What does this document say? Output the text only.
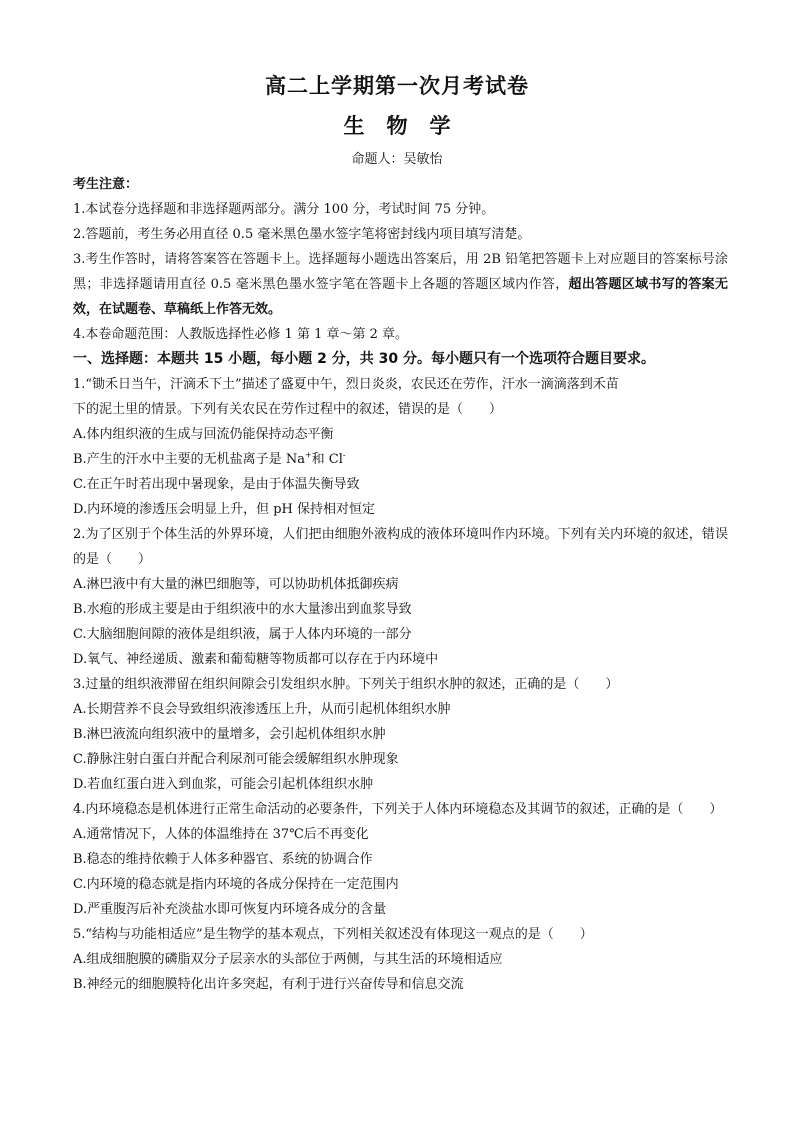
高二上学期第一次月考试卷
生物学
命题人：吴敏怡
考生注意：
1.本试卷分选择题和非选择题两部分。满分 100 分，考试时间 75 分钟。
2.答题前，考生务必用直径 0.5 毫米黑色墨水签字笔将密封线内项目填写清楚。
3.考生作答时，请将答案答在答题卡上。选择题每小题选出答案后，用 2B 铅笔把答题卡上对应题目的答案标号涂黑；非选择题请用直径 0.5 毫米黑色墨水签字笔在答题卡上各题的答题区域内作答，超出答题区域书写的答案无效，在试题卷、草稿纸上作答无效。
4.本卷命题范围：人教版选择性必修 1 第 1 章～第 2 章。
一、选择题：本题共 15 小题，每小题 2 分，共 30 分。每小题只有一个选项符合题目要求。
1.“锄禾日当午，汗滴禾下土”描述了盛夏中午，烈日炎炎，农民还在劳作，汗水一滴滴落到禾苗
下的泥土里的情景。下列有关农民在劳作过程中的叙述，错误的是（　　）
A.体内组织液的生成与回流仍能保持动态平衡
B.产生的汗水中主要的无机盐离子是 Na+和 Cl-
C.在正午时若出现中暑现象，是由于体温失衡导致
D.内环境的渗透压会明显上升，但 pH 保持相对恒定
2.为了区别于个体生活的外界环境，人们把由细胞外液构成的液体环境叫作内环境。下列有关内环境的叙述，错误的是（　　）
A.淋巴液中有大量的淋巴细胞等，可以协助机体抵御疾病
B.水疱的形成主要是由于组织液中的水大量渗出到血浆导致
C.大脑细胞间隙的液体是组织液，属于人体内环境的一部分
D.氧气、神经递质、激素和葡萄糖等物质都可以存在于内环境中
3.过量的组织液滞留在组织间隙会引发组织水肿。下列关于组织水肿的叙述，正确的是（　　）
A.长期营养不良会导致组织液渗透压上升，从而引起机体组织水肿
B.淋巴液流向组织液中的量增多，会引起机体组织水肿
C.静脉注射白蛋白并配合利尿剂可能会缓解组织水肿现象
D.若血红蛋白进入到血浆，可能会引起机体组织水肿
4.内环境稳态是机体进行正常生命活动的必要条件，下列关于人体内环境稳态及其调节的叙述，正确的是（　　）
A.通常情况下，人体的体温维持在 37℃后不再变化
B.稳态的维持依赖于人体多种器官、系统的协调合作
C.内环境的稳态就是指内环境的各成分保持在一定范围内
D.严重腹泻后补充淡盐水即可恢复内环境各成分的含量
5.“结构与功能相适应”是生物学的基本观点，下列相关叙述没有体现这一观点的是（　　）
A.组成细胞膜的磷脂双分子层亲水的头部位于两侧，与其生活的环境相适应
B.神经元的细胞膜特化出许多突起，有利于进行兴奋传导和信息交流
